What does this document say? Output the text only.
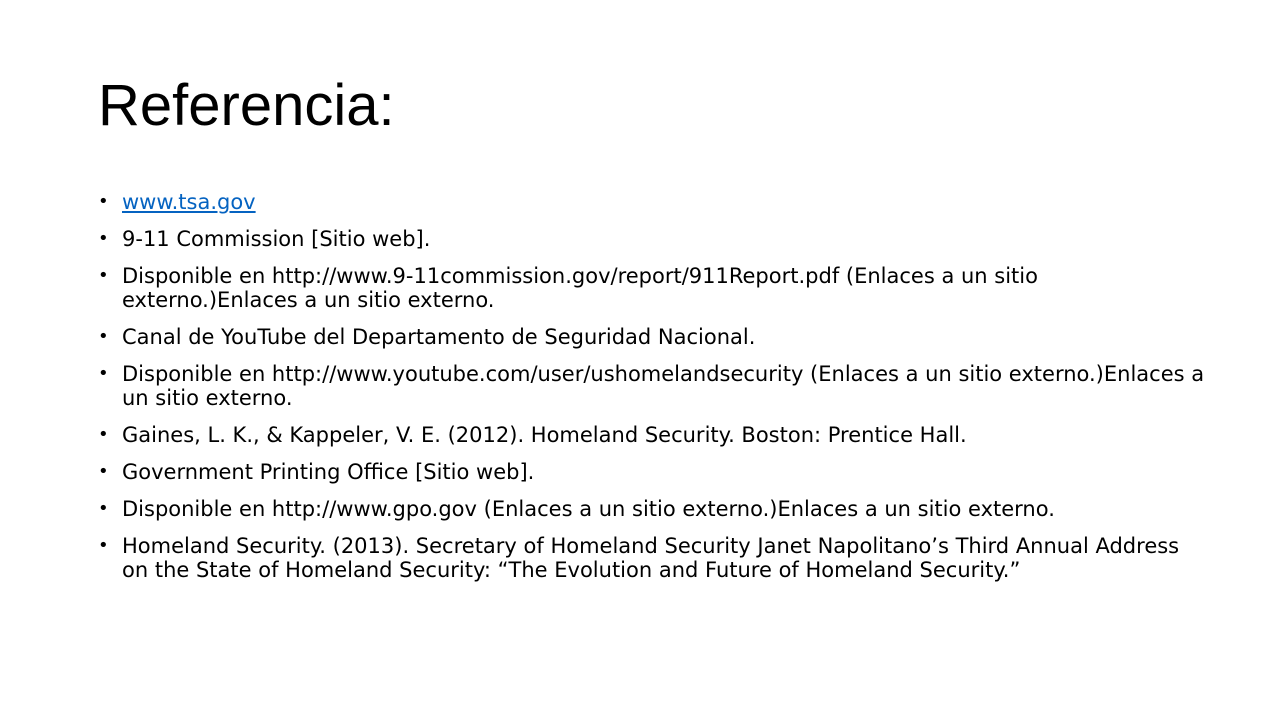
Referencia:
• www.tsa.gov
• 9-11 Commission [Sitio web].
• Disponible en http://www.9-11commission.gov/report/911Report.pdf (Enlaces a un sitio externo.)Enlaces a un sitio externo.
• Canal de YouTube del Departamento de Seguridad Nacional.
• Disponible en http://www.youtube.com/user/ushomelandsecurity (Enlaces a un sitio externo.)Enlaces a un sitio externo.
• Gaines, L. K., & Kappeler, V. E. (2012). Homeland Security. Boston: Prentice Hall.
• Government Printing Office [Sitio web].
• Disponible en http://www.gpo.gov (Enlaces a un sitio externo.)Enlaces a un sitio externo.
• Homeland Security. (2013). Secretary of Homeland Security Janet Napolitano’s Third Annual Address on the State of Homeland Security: “The Evolution and Future of Homeland Security.”
